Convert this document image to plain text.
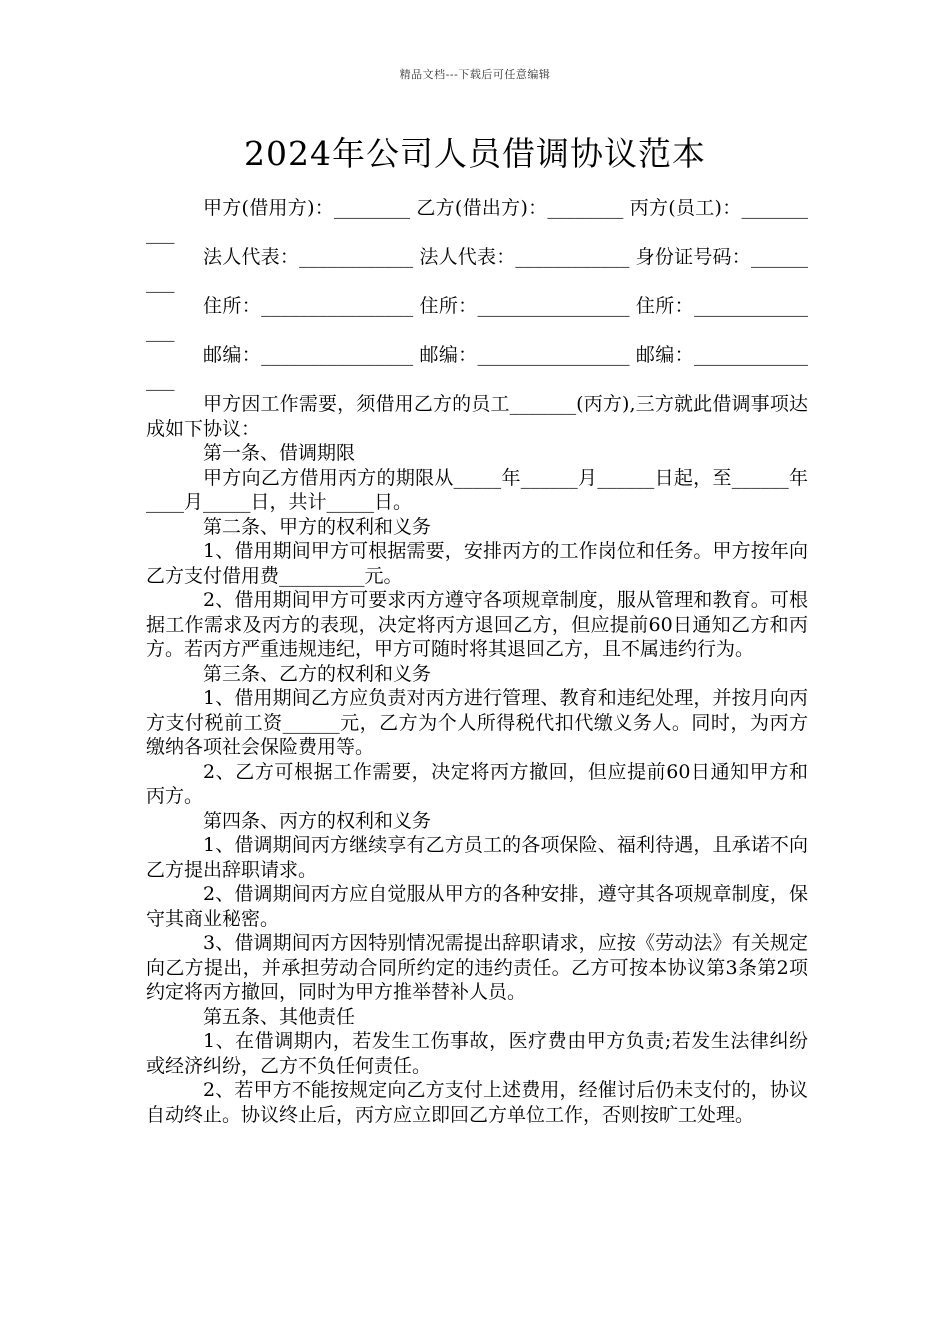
精品文档---下载后可任意编辑
2024年公司人员借调协议范本

甲方(借用方)：________ 乙方(借出方)：________ 丙方(员工)：__________

法人代表：____________ 法人代表：____________ 身份证号码：_________

住所：________________ 住所：________________ 住所：_______________

邮编：________________ 邮编：________________ 邮编：_______________

甲方因工作需要，须借用乙方的员工_______(丙方),三方就此借调事项达成如下协议：

第一条、借调期限

甲方向乙方借用丙方的期限从_____年______月______日起，至______年____月_____日，共计_____日。

第二条、甲方的权利和义务

1、借用期间甲方可根据需要，安排丙方的工作岗位和任务。甲方按年向乙方支付借用费_________元。

2、借用期间甲方可要求丙方遵守各项规章制度，服从管理和教育。可根据工作需求及丙方的表现，决定将丙方退回乙方，但应提前60日通知乙方和丙方。若丙方严重违规违纪，甲方可随时将其退回乙方，且不属违约行为。

第三条、乙方的权利和义务

1、借用期间乙方应负责对丙方进行管理、教育和违纪处理，并按月向丙方支付税前工资______元，乙方为个人所得税代扣代缴义务人。同时，为丙方缴纳各项社会保险费用等。

2、乙方可根据工作需要，决定将丙方撤回，但应提前60日通知甲方和丙方。

第四条、丙方的权利和义务

1、借调期间丙方继续享有乙方员工的各项保险、福利待遇，且承诺不向乙方提出辞职请求。

2、借调期间丙方应自觉服从甲方的各种安排，遵守其各项规章制度，保守其商业秘密。

3、借调期间丙方因特别情况需提出辞职请求，应按《劳动法》有关规定向乙方提出，并承担劳动合同所约定的违约责任。乙方可按本协议第3条第2项约定将丙方撤回，同时为甲方推举替补人员。

第五条、其他责任

1、在借调期内，若发生工伤事故，医疗费由甲方负责;若发生法律纠纷或经济纠纷，乙方不负任何责任。

2、若甲方不能按规定向乙方支付上述费用，经催讨后仍未支付的，协议自动终止。协议终止后，丙方应立即回乙方单位工作，否则按旷工处理。
